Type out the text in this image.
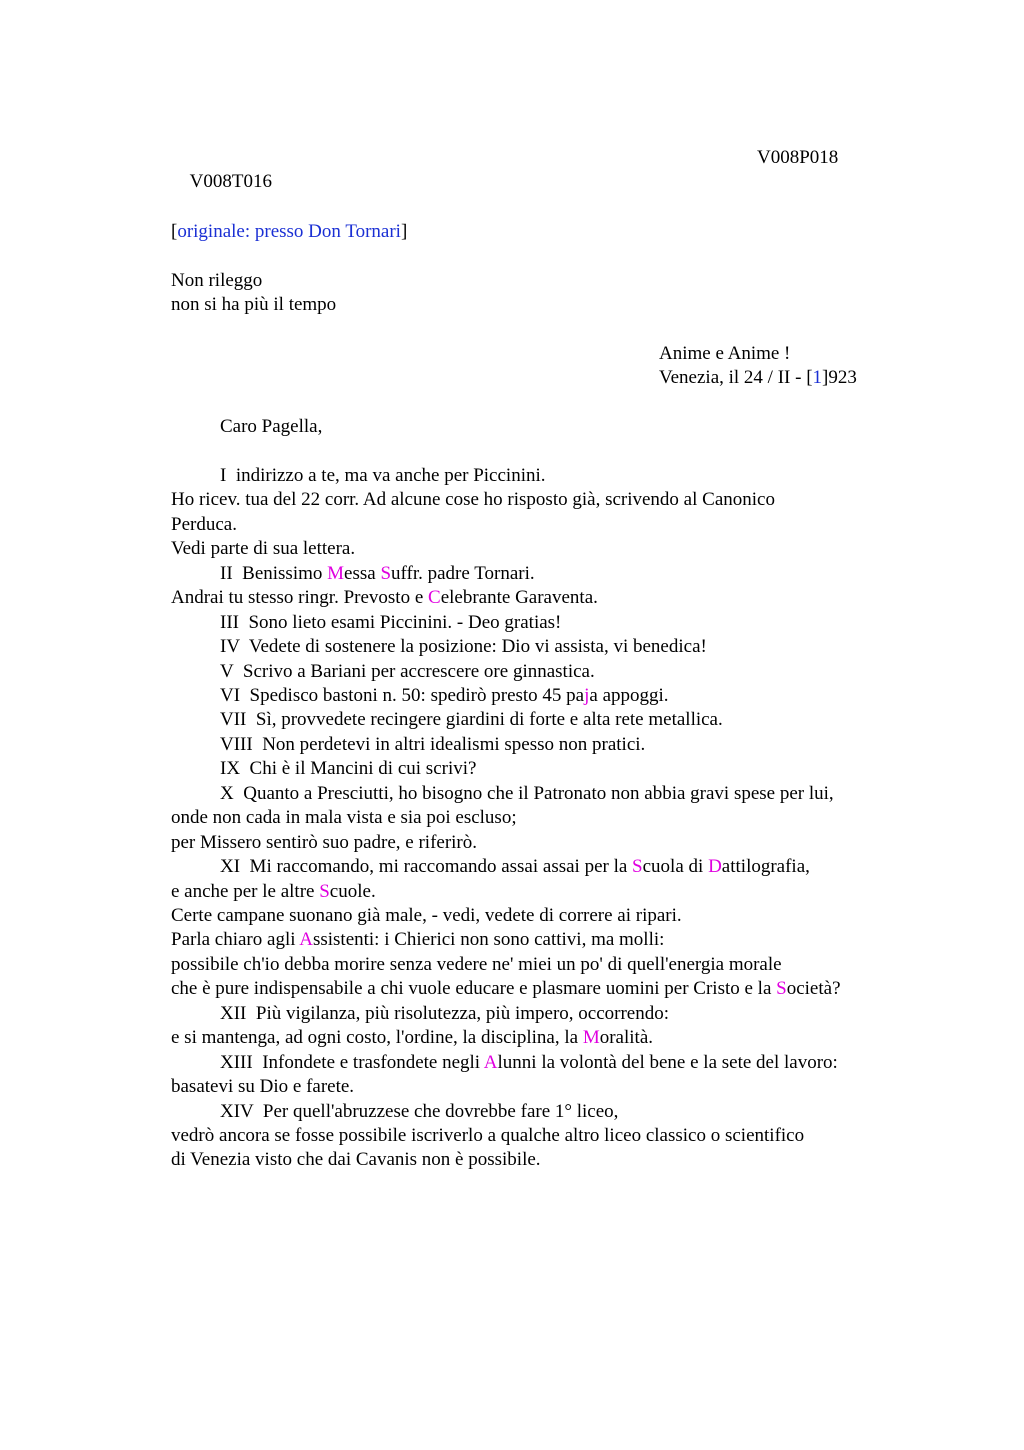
V008T016

V008P018
[originale: presso Don Tornari]
Non rileggo
non si ha più il tempo
Anime e Anime !
Venezia, il 24 / II - [1]923
Caro Pagella,
I  indirizzo a te, ma va anche per Piccinini.
Ho ricev. tua del 22 corr. Ad alcune cose ho risposto già, scrivendo al Canonico
Perduca.
Vedi parte di sua lettera.
II  Benissimo Messa Suffr. padre Tornari.
Andrai tu stesso ringr. Prevosto e Celebrante Garaventa.
III  Sono lieto esami Piccinini. - Deo gratias!
IV  Vedete di sostenere la posizione: Dio vi assista, vi benedica!
V  Scrivo a Bariani per accrescere ore ginnastica.
VI  Spedisco bastoni n. 50: spedirò presto 45 paja appoggi.
VII  Sì, provvedete recingere giardini di forte e alta rete metallica.
VIII  Non perdetevi in altri idealismi spesso non pratici.
IX  Chi è il Mancini di cui scrivi?
X  Quanto a Presciutti, ho bisogno che il Patronato non abbia gravi spese per lui,
onde non cada in mala vista e sia poi escluso;
per Missero sentirò suo padre, e riferirò.
XI  Mi raccomando, mi raccomando assai assai per la Scuola di Dattilografia,
e anche per le altre Scuole.
Certe campane suonano già male, - vedi, vedete di correre ai ripari.
Parla chiaro agli Assistenti: i Chierici non sono cattivi, ma molli:
possibile ch'io debba morire senza vedere ne' miei un po' di quell'energia morale
che è pure indispensabile a chi vuole educare e plasmare uomini per Cristo e la Società?
XII  Più vigilanza, più risolutezza, più impero, occorrendo:
e si mantenga, ad ogni costo, l'ordine, la disciplina, la Moralità.
XIII  Infondete e trasfondete negli Alunni la volontà del bene e la sete del lavoro:
basatevi su Dio e farete.
XIV  Per quell'abruzzese che dovrebbe fare 1° liceo,
vedrò ancora se fosse possibile iscriverlo a qualche altro liceo classico o scientifico
di Venezia visto che dai Cavanis non è possibile.
